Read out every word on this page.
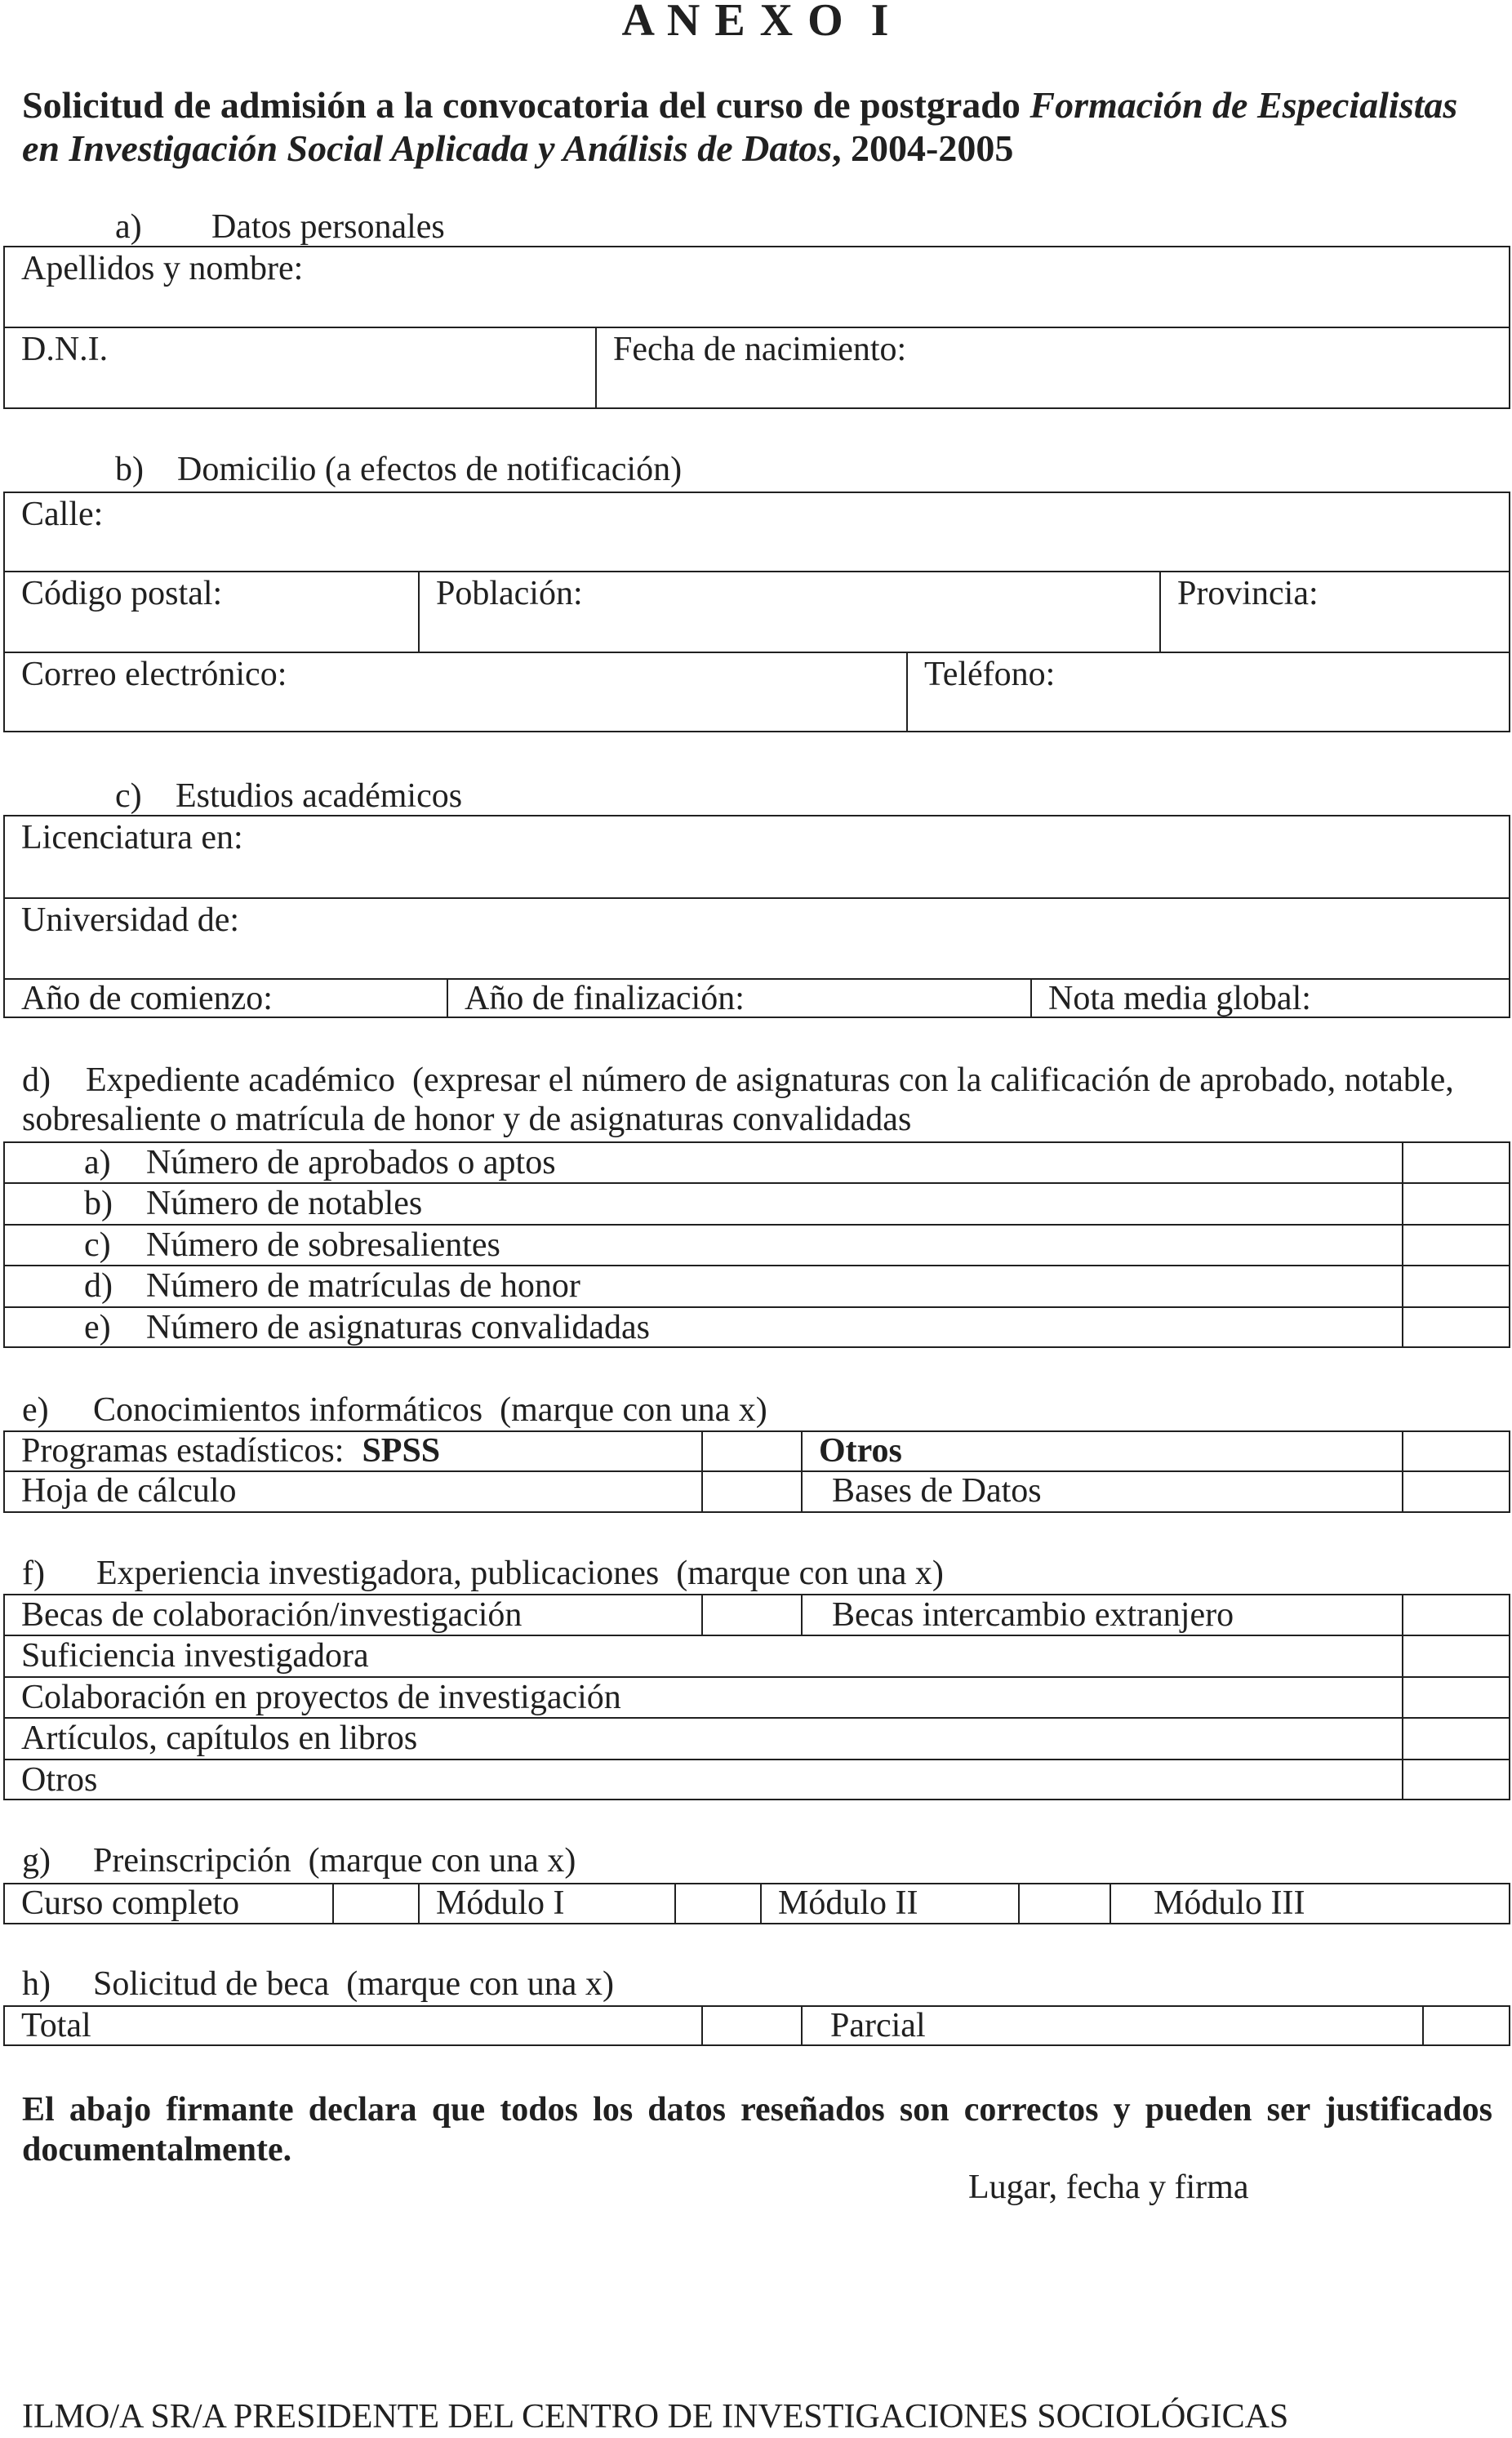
A N E X O  I
Solicitud de admisión a la convocatoria del curso de postgrado Formación de Especialistas
en Investigación Social Aplicada y Análisis de Datos, 2004-2005
a) Datos personales
Apellidos y nombre:
D.N.I.	Fecha de nacimiento:
b) Domicilio (a efectos de notificación)
Calle:
Código postal:	Población:	Provincia:
Correo electrónico:	Teléfono:
c) Estudios académicos
Licenciatura en:
Universidad de:
Año de comienzo:	Año de finalización:	Nota media global:
d) Expediente académico  (expresar el número de asignaturas con la calificación de aprobado, notable, sobresaliente o matrícula de honor y de asignaturas convalidadas
a) Número de aprobados o aptos
b) Número de notables
c) Número de sobresalientes
d) Número de matrículas de honor
e) Número de asignaturas convalidadas
e) Conocimientos informáticos  (marque con una x)
Programas estadísticos: SPSS	Otros
Hoja de cálculo	Bases de Datos
f) Experiencia investigadora, publicaciones  (marque con una x)
Becas de colaboración/investigación	Becas intercambio extranjero
Suficiencia investigadora
Colaboración en proyectos de investigación
Artículos, capítulos en libros
Otros
g) Preinscripción  (marque con una x)
Curso completo	Módulo I	Módulo II	Módulo III
h) Solicitud de beca  (marque con una x)
Total	Parcial
El abajo firmante declara que todos los datos reseñados son correctos y pueden ser justificados documentalmente.
Lugar, fecha y firma
ILMO/A SR/A PRESIDENTE DEL CENTRO DE INVESTIGACIONES SOCIOLÓGICAS
